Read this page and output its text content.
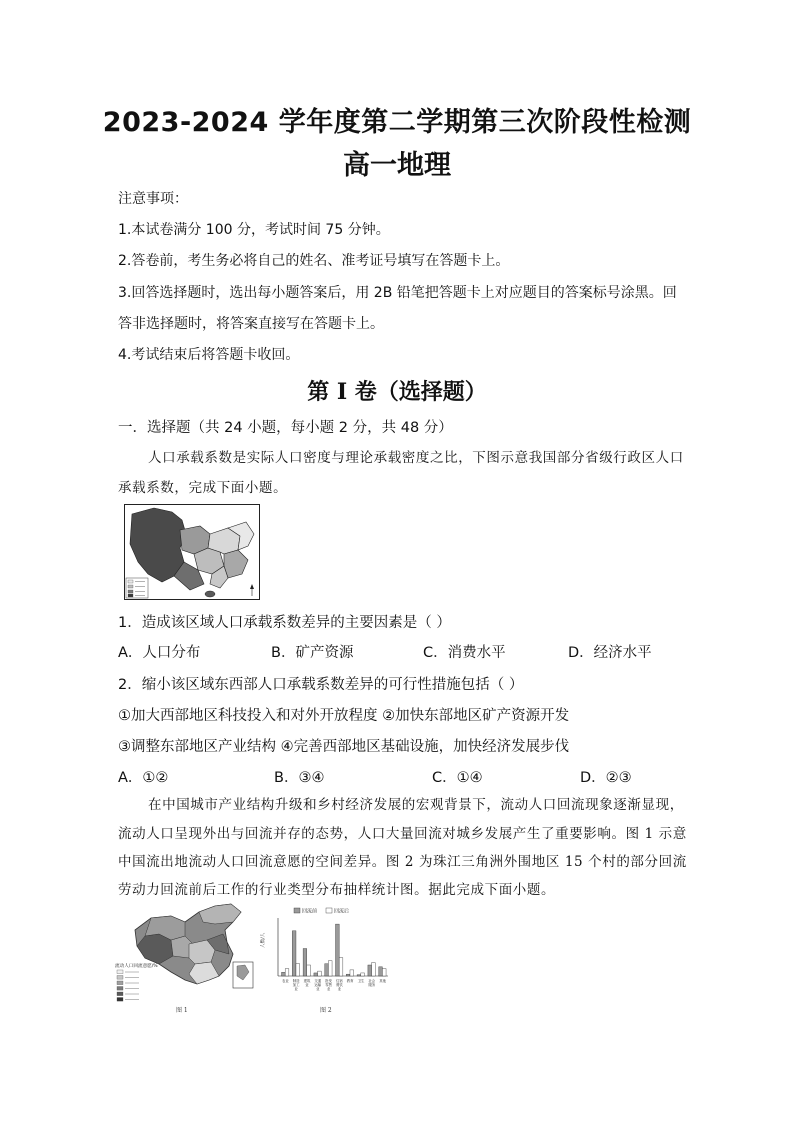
2023-2024 学年度第二学期第三次阶段性检测
高一地理
注意事项：
1.本试卷满分 100 分，考试时间 75 分钟。
2.答卷前，考生务必将自己的姓名、准考证号填写在答题卡上。
3.回答选择题时，选出每小题答案后，用 2B 铅笔把答题卡上对应题目的答案标号涂黑。回
答非选择题时，将答案直接写在答题卡上。
4.考试结束后将答题卡收回。
第 I 卷（选择题）
一．选择题（共 24 小题，每小题 2 分，共 48 分）
人口承载系数是实际人口密度与理论承载密度之比，下图示意我国部分省级行政区人口
承载系数，完成下面小题。
1．造成该区域人口承载系数差异的主要因素是（ ）
A．人口分布	B．矿产资源	C．消费水平	D．经济水平
2．缩小该区域东西部人口承载系数差异的可行性措施包括（ ）
①加大西部地区科技投入和对外开放程度 ②加快东部地区矿产资源开发
③调整东部地区产业结构 ④完善西部地区基础设施，加快经济发展步伐
A．①②	B．③④	C．①④	D．②③
在中国城市产业结构升级和乡村经济发展的宏观背景下，流动人口回流现象逐渐显现，
流动人口呈现外出与回流并存的态势，人口大量回流对城乡发展产生了重要影响。图 1 示意
中国流出地流动人口回流意愿的空间差异。图 2 为珠江三角洲外围地区 15 个村的部分回流
劳动力回流前后工作的行业类型分布抽样统计图。据此完成下面小题。
流动人口回流意愿/%
图 1
回流前	回流后
人数/人
农业 制造加工业
建筑业
交通运输业
批发零售业
住宿餐饮业
教育 卫生 社会服务
其他
图 2
